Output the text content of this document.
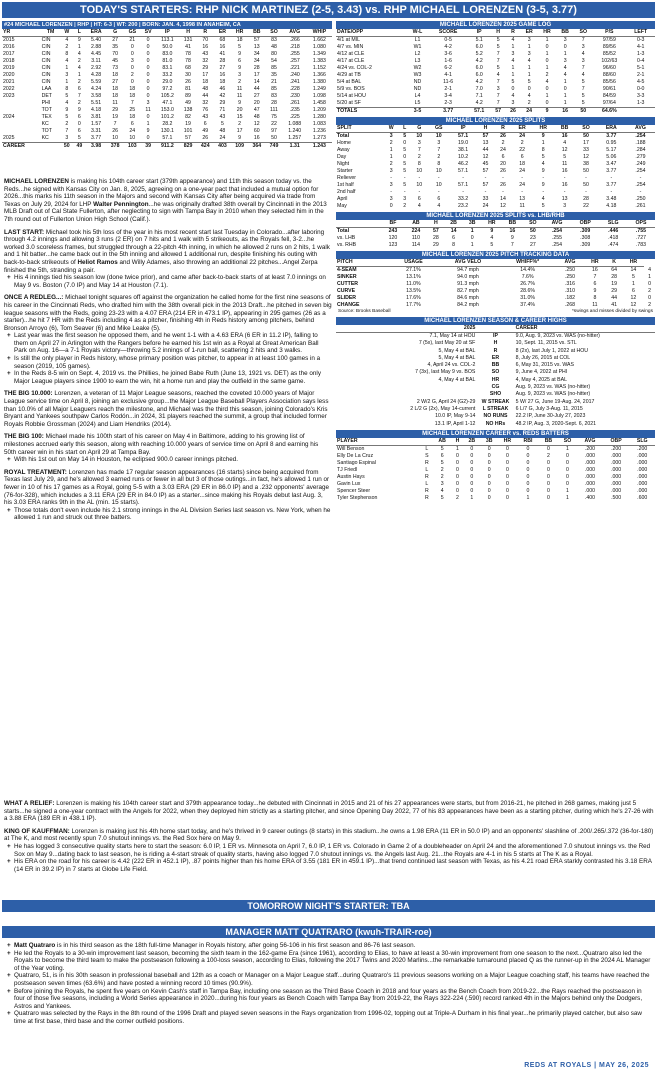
TODAY'S STARTERS: RHP NICK MARTINEZ (2-5, 3.43) vs. RHP MICHAEL LORENZEN (3-5, 3.77)
#24 MICHAEL LORENZEN | RHP | HT: 6-3 | WT: 200 | BORN: JAN. 4, 1998 IN ANAHEIM, CA
YR	TM	W	L	ERA	G	GS	SV	IP	H	R	ER	HR	BB	SO	AVG	WHIP
2015	CIN	4	9	5.40	27	21	0	113.1	131	70	68	18	57	83	.266	1.662
2016	CIN	2	1	2.88	35	0	0	50.0	41	16	16	5	13	48	.218	1.080
2017	CIN	8	4	4.45	70	0	0	83.0	78	43	41	9	34	80	.255	1.349
2018	CIN	4	2	3.11	45	3	0	81.0	78	32	28	6	34	54	.257	1.383
2019	CIN	1	4	2.92	73	0	0	83.1	68	29	27	9	28	85	.221	1.152
2020	CIN	3	1	4.28	18	2	0	33.2	30	17	16	3	17	35	.240	1.366
2021	CIN	1	2	5.59	27	0	0	29.0	26	18	18	2	14	21	.241	1.380
2022	LAA	8	6	4.24	18	18	0	97.2	81	48	46	11	44	85	.228	1.249
2023	DET	5	7	3.58	18	18	0	105.2	89	44	42	11	27	83	.230	1.098
	PHI	4	2	5.51	11	7	3	47.1	49	32	29	9	20	28	.261	1.458
	TOT	9	9	4.18	29	25	11	153.0	138	76	71	20	47	111	.235	1.209
2024	TEX	5	6	3.81	19	18	0	101.2	82	43	43	15	48	75	.225	1.280
	KC	2	0	1.57	7	6	1	28.2	19	6	5	2	12	22	1.088	1.083
	TOT	7	6	3.31	26	24	9	130.1	101	49	48	17	60	97	1.240	1.236
2025	KC	3	5	3.77	10	10	0	57.1	57	26	24	9	16	50	1.257	1.273
CAREER		50	49	3.98	378	103	39	911.2	829	424	403	109	364	749	1.31	1.243

MICHAEL LORENZEN is making his 104th career start (379th appearance) and 11th this season today vs. the Reds...he signed with Kansas City on Jan. 8, 2025, agreeing on a one-year pact that included a mutual option for 2026...this marks his 11th season in the Majors and second with Kansas City after being acquired via trade from Texas on July 29, 2024 for LHP Walter Pennington...he was originally drafted 38th overall by Cincinnati in the 2013 MLB Draft out of Cal State Fullerton, after neglecting to sign with Tampa Bay in 2010 when they selected him in the 7th round out of Fullerton Union High School (Calif.).

LAST START: Michael took his 5th loss of the year in his most recent start last Tuesday in Colorado...after laboring through 4.2 innings and allowing 3 runs (2 ER) on 7 hits and 1 walk with 5 strikeouts, as the Royals fell, 3-2...he worked 3.0 scoreless frames, but struggled through a 22-pitch 4th inning, in which he allowed 2 runs on 2 hits, 1 walk and 1 hit batter...he came back out in the 5th inning and allowed 1 additional run, despite finishing his outing with back-to-back strikeouts of Heliot Ramos and Willy Adames, also throwing an additional 22 pitches...Angel Zerpa finished the 5th, stranding a pair.
+ His 4 innings tied his season low (done twice prior), and came after back-to-back starts of at least 7.0 innings on May 9 vs. Boston (7.0 IP) and May 14 at Houston (7.1).

ONCE A REDLEG...: Michael tonight squares off against the organization he called home for the first nine seasons of his career in the Cincinnati Reds, who drafted him with the 38th overall pick in the 2013 Draft...he pitched in seven big league seasons with the Reds, going 23-23 with a 4.07 ERA (214 ER in 473.1 IP), appearing in 295 games (26 as a starter)...he hit 7 HR with the Reds including 4 as a pitcher, finishing 4th in Reds history among pitchers, behind Bronson Arroyo (6), Tom Seaver (6) and Mike Leake (5).
+ Last year was the first season he opposed them, and he went 1-1 with a 4.63 ERA (6 ER in 11.2 IP), falling to them on April 27 in Arlington with the Rangers before he earned his 1st win as a Royal at Great American Ball Park on Aug. 16—a 7-1 Royals victory—throwing 5.2 innings of 1-run ball, scattering 2 hits and 3 walks.
+ Is still the only player in Reds history, whose primary position was pitcher, to appear in at least 100 games in a season (2019, 105 games).
+ In the Reds 8-5 win on Sept. 4, 2019 vs. the Phillies, he joined Babe Ruth (June 13, 1921 vs. DET) as the only Major League players since 1900 to earn the win, hit a home run and play the outfield in the same game.

THE BIG 10.000: Lorenzen, a veteran of 11 Major League seasons, reached the coveted 10.000 years of Major League service time on April 8, joining an exclusive group...the Major League Baseball Players Association says less than 10.0% of all Major Leaguers reach the milestone, and Michael was the third this season, joining Colorado's Kris Bryant and Yankees southpaw Carlos Rodón...in 2024, 31 players reached the summit, a group that included former Royals Robbie Grossman (2024) and Liam Hendriks (2014).

THE BIG 100: Michael made his 100th start of his career on May 4 in Baltimore, adding to his growing list of milestones accrued early this season, along with reaching 10.000 years of service time on April 8 and earning his 50th career win in his start on April 29 at Tampa Bay.
+ With his 1st out on May 14 in Houston, he eclipsed 900.0 career innings pitched.

ROYAL TREATMENT: Lorenzen has made 17 regular season appearances (16 starts) since being acquired from Texas last July 29, and he's allowed 3 earned runs or fewer in all but 3 of those outings...in fact, he's allowed 1 run or fewer in 10 of his 17 games as a Royal, going 5-5 with a 3.03 ERA (29 ER in 86.0 IP) and a .232 opponents' average (76-for-328), which includes a 3.11 ERA (29 ER in 84.0 IP) as a starter...since making his Royals debut last Aug. 3, his 3.03 ERA ranks 9th in the AL (min. 15 starts).
+ Those totals don't even include his 2.1 strong innings in the AL Division Series last season vs. New York, when he allowed 1 run and struck out three batters.

MICHAEL LORENZEN 2025 GAME LOG
DATE/OPP	W-L	SCORE	IP	H	R	ER	HR	BB	SO	P/S	LEFT
4/1 at MIL	L1	0-5	5.1	5	4	3	1	3	7	97/59	0-3
4/7 vs. MIN	W1	4-2	6.0	5	1	1	0	0	3	89/56	4-1
4/12 at CLE	L2	3-6	5.2	7	3	3	1	1	4	85/52	1-3
4/17 at CLE	L3	1-6	4.2	7	4	4	0	3	3	102/63	0-4
4/24 vs. COL-2	W2	6-2	6.0	5	1	1	1	4	7	96/60	5-1
4/29 at TB	W3	4-1	6.0	4	1	1	2	4	4	88/60	2-1
5/4 at BAL	ND	11-6	4.2	7	5	5	4	1	5	85/56	4-5
5/9 vs. BOS	ND	2-1	7.0	3	0	0	0	0	7	90/61	0-0
5/14 at HOU	L4	3-4	7.1	7	4	4	1	1	5	84/59	3-3
5/20 at SF	L5	2-3	4.2	7	3	2	0	1	5	97/64	1-3
TOTALS	3-5	3.77	57.1	57	26	24	9	16	50	64.6%	
MICHAEL LORENZEN 2025 SPLITS
SPLIT	W	L	G	GS	IP	H	R	ER	HR	BB	SO	ERA	AVG
Total	3	5	10	10	57.1	57	26	24	9	16	50	3.77	.254
Home	2	0	3	3	19.0	13	2	2	1	4	17	0.95	.188
Away	1	5	7	7	38.1	44	24	22	8	12	33	5.17	.284
Day	1	0	2	2	10.2	12	6	6	5	5	12	5.06	.279
Night	2	5	8	8	46.2	45	20	18	4	11	38	3.47	.249
Starter	3	5	10	10	57.1	57	26	24	9	16	50	3.77	.254
Reliever	-	-	-	-	-	-	-	-	-	-	-	-	-
1st half	3	5	10	10	57.1	57	26	24	9	16	50	3.77	.254
2nd half	-	-	-	-	-	-	-	-	-	-	-	-	-
April	3	3	6	6	33.2	33	14	13	4	13	28	3.48	.250
May	0	2	4	4	23.2	24	12	11	5	3	22	4.18	.261
MICHAEL LORENZEN 2025 SPLITS vs. LHB/RHB
	BF	AB	H	2B	3B	HR	BB	SO	AVG	OBP	SLG	OPS
Total	243	224	57	14	1	9	16	50	.254	.309	.446	.755
vs. LHB	120	110	28	6	0	4	9	23	.255	.308	.418	.727
vs. RHB	123	114	29	8	1	5	7	27	.254	.309	.474	.783
MICHAEL LORENZEN 2025 PITCH TRACKING DATA
PITCH	USAGE	AVG VELO	WHIFF%*	AVG	HR	K	HR	
4-SEAM	27.1%	94.7 mph	14.4%	.250	16	64	14	4
SINKER	13.1%	94.0 mph	7.6%	.250	7	28	5	1
CUTTER	11.0%	91.3 mph	26.7%	.316	6	19	1	0
CURVE	13.5%	82.7 mph	28.6%	.310	9	29	6	2
SLIDER	17.6%	84.6 mph	31.0%	.182	8	44	12	0
CHANGE	17.7%	84.2 mph	37.4%	.268	11	41	12	2
Source: Brooks Baseball	*swings and misses divided by swings
MICHAEL LORENZEN SEASON & CAREER HIGHS
2025		CAREER
7.1, May 14 at HOU	IP	9.0, Aug. 9, 2023 vs. WAS (no-hitter)
7 (5x), last May 20 at SF	H	10, Sept. 11, 2015 vs. STL
5, May 4 at BAL	R	8 (2x), last July 1, 2022 at HOU
5, May 4 at BAL	ER	8, July 26, 2015 at COL
4, April 24 vs. COL-2	BB	6, May 31, 2015 vs. WAS
7 (3x), last May 9 vs. BOS	SO	9, June 4, 2022 at PHI
4, May 4 at BAL	HR	4, May 4, 2025 at BAL
	CG	Aug. 9, 2023 vs. WAS (no-hitter)
	SHO	Aug. 9, 2023 vs. WAS (no-hitter)
2 W/2 G, April 24 (G2)-29	W STREAK	5 W/ 27 G, June 19-Aug. 24, 2017
2 L/2 G (2x), May 14-current	L STREAK	6 L/7 G, July 3-Aug. 11, 2015
10.0 IP, May 9-14	NO RUNS	22.2 IP, June 30-July 27, 2023
13.1 IP, April 1-12	NO HRs	48.2 IP, Aug. 3, 2020-Sept. 6, 2021
MICHAEL LORENZEN CAREER vs. REDS BATTERS
PLAYER		AB	H	2B	3B	HR	RBI	BB	SO	AVG	OBP	SLG
Will Benson	L	5	1	0	0	0	0	0	1	.200	.200	.200
Elly De La Cruz	S	6	0	0	0	0	0	2	0	.000	.000	.000
Santiago Espinal	R	5	0	0	0	0	0	0	0	.000	.000	.000
TJ Friedl	L	2	0	0	0	0	0	0	0	.000	.000	.000
Austin Hays	R	2	0	0	0	0	0	0	0	.000	.000	.000
Gavin Lux	L	3	0	0	0	0	0	0	0	.000	.000	.000
Spencer Steer	R	4	0	0	0	0	0	0	1	.000	.000	.000
Tyler Stephenson	R	5	2	1	0	0	1	0	1	.400	.500	.600

WHAT A RELIEF: Lorenzen is making his 104th career start and 379th appearance today...he debuted with Cincinnati in 2015 and 21 of his 27 appearances were starts, but from 2016-21, he pitched in 268 games, making just 5 starts...he signed a one-year contract with the Angels for 2022, when they deployed him strictly as a starting pitcher, and since Opening Day 2022, 77 of his 83 appearances have been as a starting pitcher, during which he's 27-26 with a 3.88 ERA (189 ER in 438.1 IP).

KING OF KAUFFMAN: Lorenzen is making just his 4th home start today, and he's thrived in 9 career outings (8 starts) in this stadium...he owns a 1.98 ERA (11 ER in 50.0 IP) and an opponents' slashline of .200/.265/.372 (36-for-180) at The K, and most recently spun 7.0 shutout innings vs. the Red Sox here on May 9.
+ He has logged 3 consecutive quality starts here to start the season: 6.0 IP, 1 ER vs. Minnesota on April 7, 6.0 IP, 1 ER vs. Colorado in Game 2 of a doubleheader on April 24 and the aforementioned 7.0 shutout innings vs. the Red Sox on May 9...dating back to last season, he is riding a 4-start streak of quality starts, having also logged 7.0 shutout innings vs. the Angels last Aug. 21...the Royals are 4-1 in his 5 starts at The K as a Royal.
+ His ERA on the road for his career is 4.42 (222 ER in 452.1 IP), .87 points higher than his home ERA of 3.55 (181 ER in 459.1 IP)...that trend continued last season with Texas, as his 4.21 road ERA starkly contrasted his 3.18 ERA (14 ER in 39.2 IP) in 7 starts at Globe Life Field.

TOMORROW NIGHT'S STARTER: TBA
MANAGER MATT QUATRARO (kwuh-TRAIR-roe)
+ Matt Quatraro is in his third season as the 18th full-time Manager in Royals history, after going 56-106 in his first season and 86-76 last season.
+ He led the Royals to a 30-win improvement last season, becoming the sixth team in the 162-game Era (since 1961), according to Elias, to have at least a 30-win improvement from one season to the next...Quatraro also led the Royals to become the third team to make the postseason following a 100-loss season, according to Elias, following the 2017 Twins and 2020 Marlins...the remarkable turnaround placed Q as the runner-up in the 2024 AL Manager of the Year voting.
+ Quatraro, 51, is in his 30th season in professional baseball and 12th as a coach or Manager on a Major League staff...during Quatraro's 11 previous seasons working on a Major League coaching staff, his teams have reached the postseason seven times (63.6%) and have posted a winning record 10 times (90.9%).
+ Before joining the Royals, he spent five years on Kevin Cash's staff in Tampa Bay, including one season as the Third Base Coach in 2018 and four years as the Bench Coach from 2019-22...the Rays reached the postseason in four of those five seasons, including a World Series appearance in 2020...during his four years as Bench Coach with Tampa Bay from 2019-22, the Rays 322-224 (.590) record ranked 4th in the Majors behind only the Dodgers, Astros and Yankees.
+ Quatraro was selected by the Rays in the 8th round of the 1996 Draft and played seven seasons in the Rays organization from 1996-02, topping out at Triple-A Durham in his final year...he primarily played catcher, but also saw time at first base, third base and the corner outfield positions.
REDS AT ROYALS | MAY 26, 2025
